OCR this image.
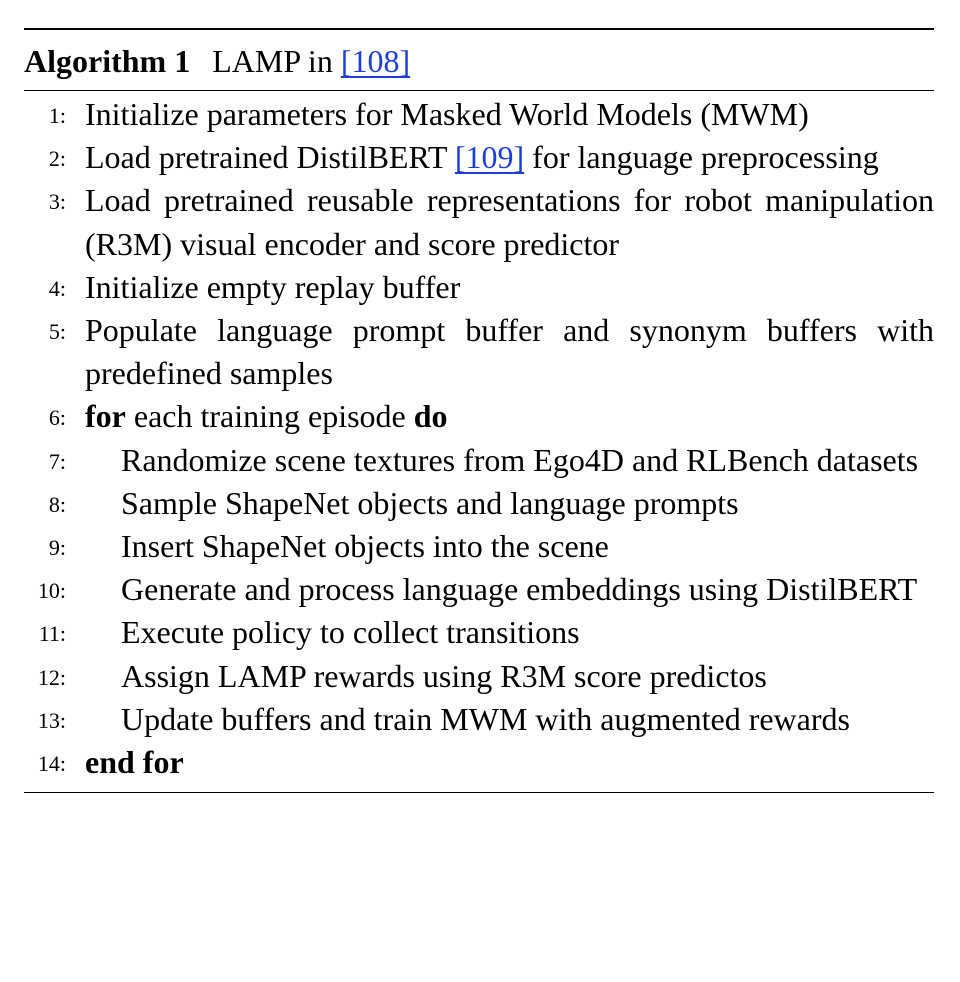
Algorithm 1 LAMP in [108]
1: Initialize parameters for Masked World Models (MWM)
2: Load pretrained DistilBERT [109] for language preprocessing
3: Load pretrained reusable representations for robot manipulation (R3M) visual encoder and score predictor
4: Initialize empty replay buffer
5: Populate language prompt buffer and synonym buffers with predefined samples
6: for each training episode do
7: Randomize scene textures from Ego4D and RLBench datasets
8: Sample ShapeNet objects and language prompts
9: Insert ShapeNet objects into the scene
10: Generate and process language embeddings using DistilBERT
11: Execute policy to collect transitions
12: Assign LAMP rewards using R3M score predictos
13: Update buffers and train MWM with augmented rewards
14: end for
